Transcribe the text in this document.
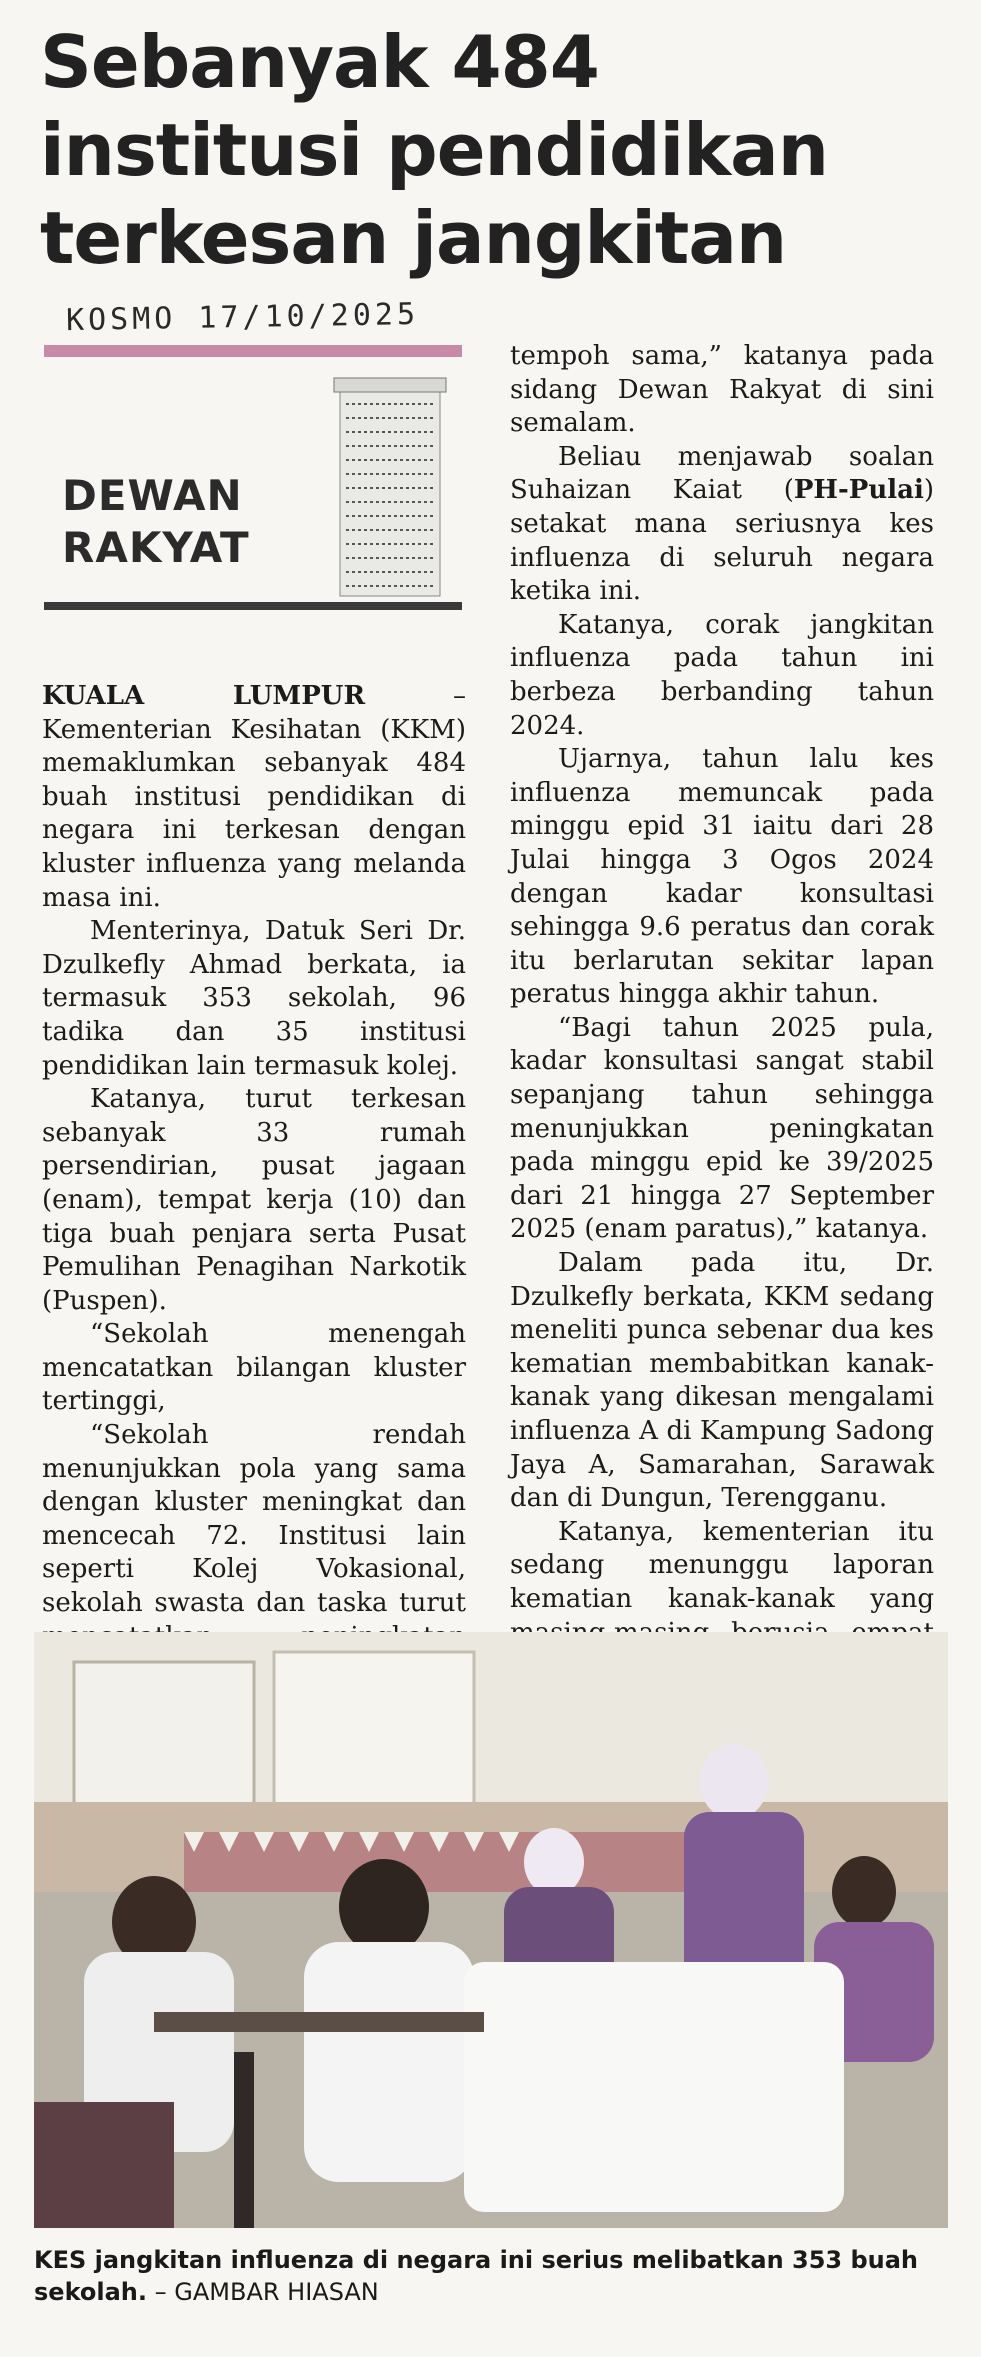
Sebanyak 484
institusi pendidikan
terkesan jangkitan
KOSMO 17/10/2025
DEWAN
RAKYAT

KUALA LUMPUR – Kementerian Kesihatan (KKM) memaklumkan sebanyak 484 buah institusi pendidikan di negara ini terkesan dengan kluster influenza yang melanda masa ini.

Menterinya, Datuk Seri Dr. Dzulkefly Ahmad berkata, ia termasuk 353 sekolah, 96 tadika dan 35 institusi pendidikan lain termasuk kolej.

Katanya, turut terkesan sebanyak 33 rumah persendirian, pusat jagaan (enam), tempat kerja (10) dan tiga buah penjara serta Pusat Pemulihan Penagihan Narkotik (Puspen).

“Sekolah menengah mencatatkan bilangan kluster tertinggi,

“Sekolah rendah menunjukkan pola yang sama dengan kluster meningkat dan mencecah 72. Institusi lain seperti Kolej Vokasional, sekolah swasta dan taska turut

tempoh sama,” katanya pada sidang Dewan Rakyat di sini semalam.

Beliau menjawab soalan Suhaizan Kaiat (PH-Pulai) setakat mana seriusnya kes influenza di seluruh negara ketika ini.

Katanya, corak jangkitan influenza pada tahun ini berbeza berbanding tahun 2024.

Ujarnya, tahun lalu kes influenza memuncak pada minggu epid 31 iaitu dari 28 Julai hingga 3 Ogos 2024 dengan kadar konsultasi sehingga 9.6 peratus dan corak itu berlarutan sekitar lapan peratus hingga akhir tahun.

“Bagi tahun 2025 pula, kadar konsultasi sangat stabil sepanjang tahun sehingga menunjukkan peningkatan pada minggu epid ke 39/2025 dari 21 hingga 27 September 2025 (enam paratus),” katanya.

Dalam pada itu, Dr. Dzulkefly berkata, KKM sedang meneliti punca sebenar dua kes kematian membabitkan kanak-kanak yang dikesan mengalami influenza A di Kampung Sadong Jaya A, Samarahan, Sarawak dan di Dungun, Terengganu.

Katanya, kementerian itu sedang menunggu laporan kematian kanak-kanak yang

KES jangkitan influenza di negara ini serius melibatkan 353 buah sekolah. – GAMBAR HIASAN
